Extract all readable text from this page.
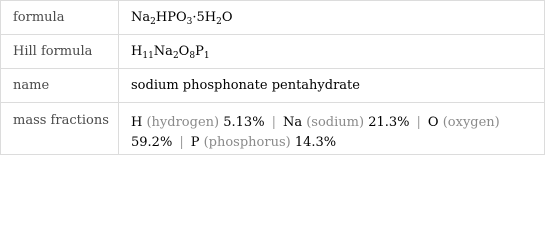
formula	$Na_2HPO_3\cdot 5H_2O$
Hill formula	$H_{11}Na_2O_8P_1$
name	sodium phosphonate pentahydrate
mass fractions	H (hydrogen) 5.13% | Na (sodium) 21.3% | O (oxygen)
59.2% | P (phosphorus) 14.3%
